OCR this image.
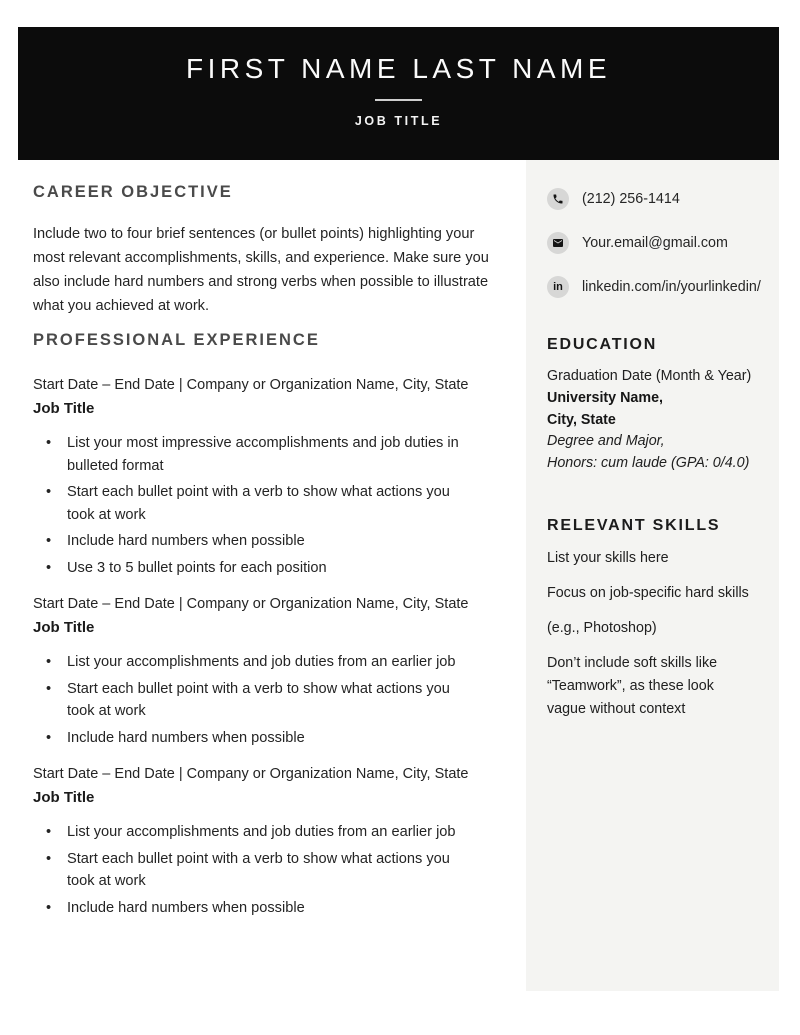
FIRST NAME LAST NAME
JOB TITLE
(212) 256-1414
Your.email@gmail.com
in linkedin.com/in/yourlinkedin/
EDUCATION

Graduation Date (Month & Year)

University Name,

City, State

Degree and Major,

Honors: cum laude (GPA: 0/4.0)

RELEVANT SKILLS

List your skills here

Focus on job-specific hard skills

(e.g., Photoshop)

Don’t include soft skills like “Teamwork”, as these look vague without context

CAREER OBJECTIVE

Include two to four brief sentences (or bullet points) highlighting your most relevant accomplishments, skills, and experience. Make sure you also include hard numbers and strong verbs when possible to illustrate what you achieved at work.

PROFESSIONAL EXPERIENCE

Start Date – End Date | Company or Organization Name, City, State

Job Title

• List your most impressive accomplishments and job duties in bulleted format
• Start each bullet point with a verb to show what actions you took at work
• Include hard numbers when possible
• Use 3 to 5 bullet points for each position

Start Date – End Date | Company or Organization Name, City, State

Job Title

• List your accomplishments and job duties from an earlier job
• Start each bullet point with a verb to show what actions you took at work
• Include hard numbers when possible

Start Date – End Date | Company or Organization Name, City, State

Job Title

• List your accomplishments and job duties from an earlier job
• Start each bullet point with a verb to show what actions you took at work
• Include hard numbers when possible
